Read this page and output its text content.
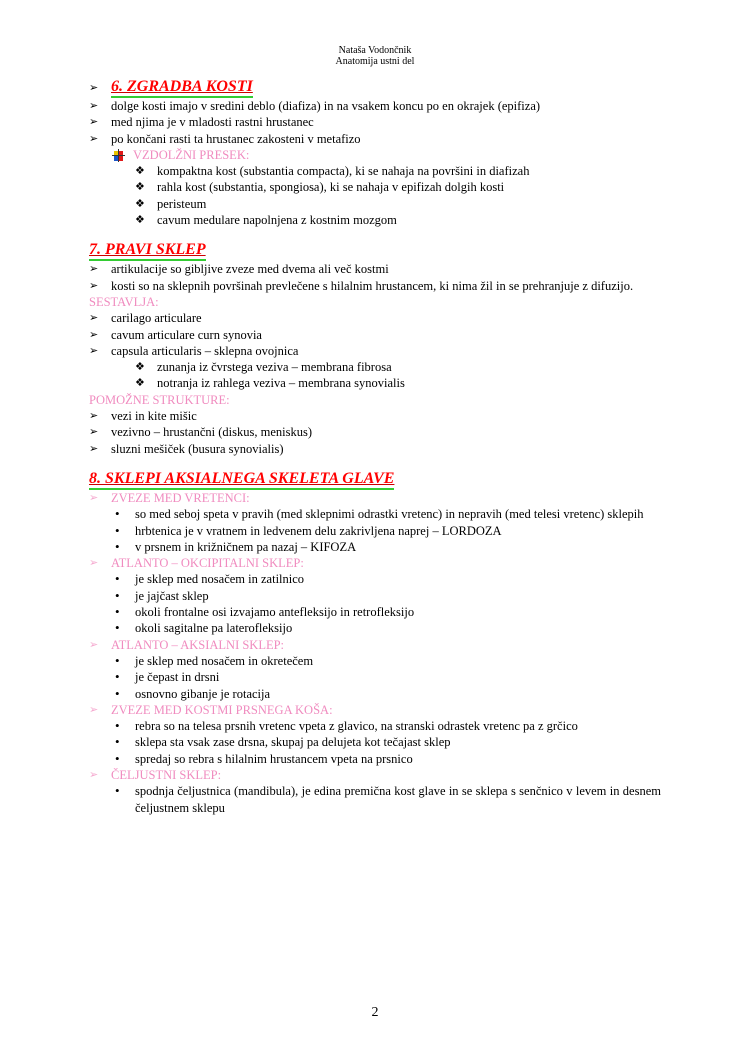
Nataša Vodončnik
Anatomija ustni del
➢ 6. ZGRADBA KOSTI
➢	dolge kosti imajo v sredini deblo (diafiza) in na vsakem koncu po en okrajek (epifiza)
➢	med njima je v mladosti rastni hrustanec
➢	po končani rasti ta hrustanec zakosteni v metafizo
VZDOLŽNI PRESEK:
❖ kompaktna kost (substantia compacta), ki se nahaja na površini in diafizah
❖ rahla kost (substantia, spongiosa), ki se nahaja v epifizah dolgih kosti
❖ peristeum
❖ cavum medulare napolnjena z kostnim mozgom
7. PRAVI SKLEP
➢	artikulacije so gibljive zveze med dvema ali več kostmi
➢	kosti so na sklepnih površinah prevlečene s hilalnim hrustancem, ki nima žil in se prehranjuje z difuzijo.
SESTAVLJA:
➢	carilago articulare
➢	cavum articulare curn synovia
➢	capsula articularis – sklepna ovojnica
❖ zunanja iz čvrstega veziva – membrana fibrosa
❖ notranja iz rahlega veziva – membrana synovialis
POMOŽNE STRUKTURE:
➢	vezi in kite mišic
➢	vezivno – hrustančni (diskus, meniskus)
➢	sluzni mešiček (busura synovialis)
8. SKLEPI AKSIALNEGA SKELETA GLAVE
➢	ZVEZE MED VRETENCI:
•	so med seboj speta v pravih (med sklepnimi odrastki vretenc) in nepravih (med telesi vretenc) sklepih
•	hrbtenica je v vratnem in ledvenem delu zakrivljena naprej – LORDOZA
•	v prsnem in križničnem pa nazaj – KIFOZA
➢	ATLANTO – OKCIPITALNI SKLEP:
•	je sklep med nosačem in zatilnico
•	je jajčast sklep
•	okoli frontalne osi izvajamo antefleksijo in retrofleksijo
•	okoli sagitalne pa laterofleksijo
➢	ATLANTO – AKSIALNI SKLEP:
•	je sklep med nosačem in okretečem
•	je čepast in drsni
•	osnovno gibanje je rotacija
➢	ZVEZE MED KOSTMI PRSNEGA KOŠA:
•	rebra so na telesa prsnih vretenc vpeta z glavico, na stranski odrastek vretenc pa z grčico
•	sklepa sta vsak zase drsna, skupaj pa delujeta kot tečajast sklep
•	spredaj so rebra s hilalnim hrustancem vpeta na prsnico
➢	ČELJUSTNI SKLEP:
•	spodnja čeljustnica (mandibula), je edina premična kost glave in se sklepa s senčnico v levem in desnem čeljustnem sklepu
2
